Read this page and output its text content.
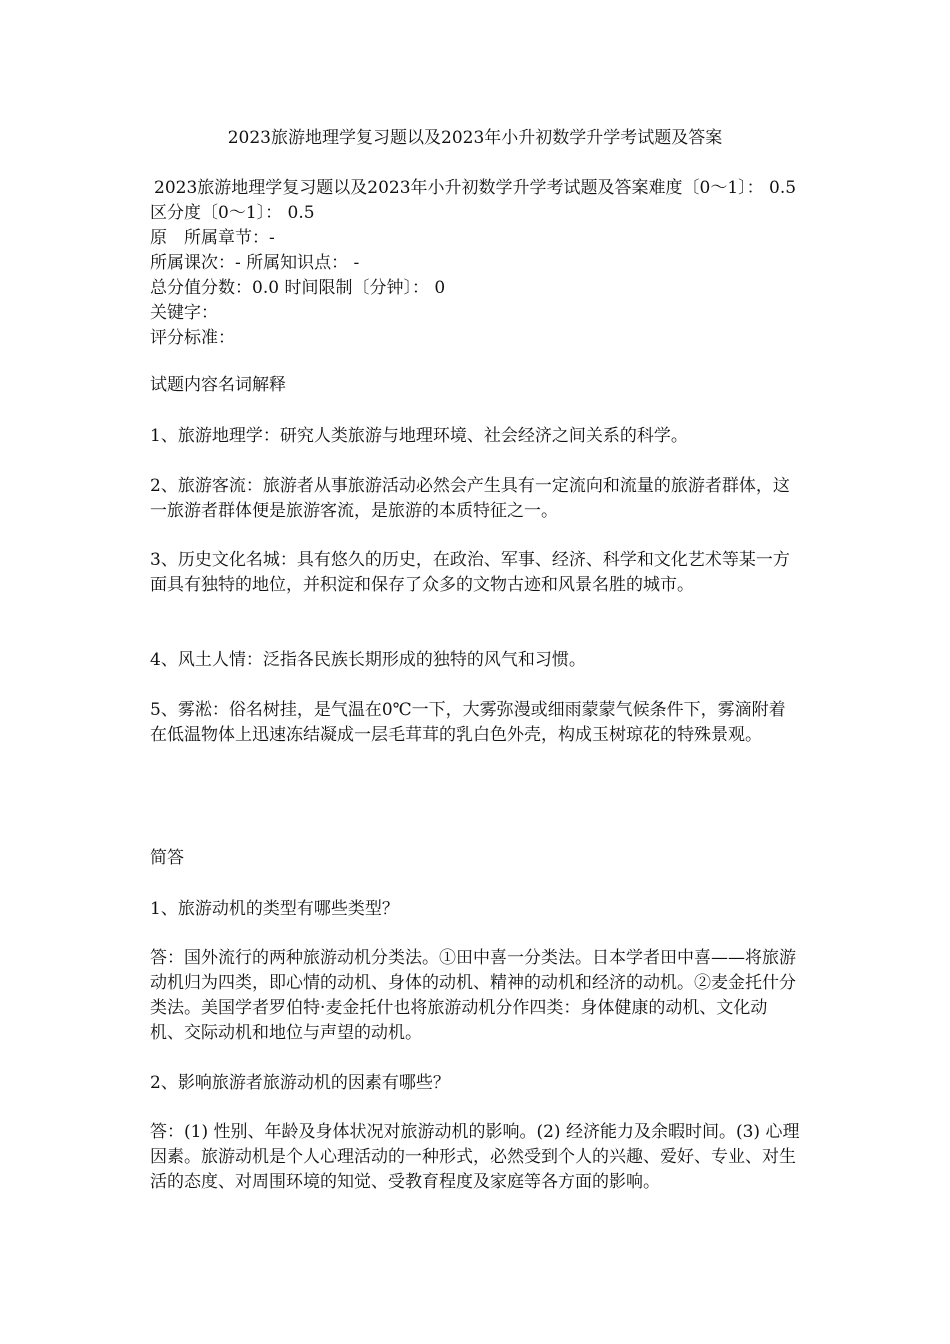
2023旅游地理学复习题以及2023年小升初数学升学考试题及答案
2023旅游地理学复习题以及2023年小升初数学升学考试题及答案难度〔0～1〕： 0.5 区分度〔0～1〕： 0.5
原　所属章节：-
所属课次：- 所属知识点： -
总分值分数：0.0 时间限制〔分钟〕： 0
关键字：
评分标准：
试题内容名词解释

1、旅游地理学：研究人类旅游与地理环境、社会经济之间关系的科学。

2、旅游客流：旅游者从事旅游活动必然会产生具有一定流向和流量的旅游者群体，这一旅游者群体便是旅游客流，是旅游的本质特征之一。

3、历史文化名城：具有悠久的历史，在政治、军事、经济、科学和文化艺术等某一方面具有独特的地位，并积淀和保存了众多的文物古迹和风景名胜的城市。

4、风土人情：泛指各民族长期形成的独特的风气和习惯。

5、雾淞：俗名树挂，是气温在0℃一下，大雾弥漫或细雨蒙蒙气候条件下，雾滴附着在低温物体上迅速冻结凝成一层毛茸茸的乳白色外壳，构成玉树琼花的特殊景观。

简答
1、旅游动机的类型有哪些类型？

答：国外流行的两种旅游动机分类法。①田中喜一分类法。日本学者田中喜——将旅游动机归为四类，即心情的动机、身体的动机、精神的动机和经济的动机。②麦金托什分类法。美国学者罗伯特·麦金托什也将旅游动机分作四类：身体健康的动机、文化动机、交际动机和地位与声望的动机。

2、影响旅游者旅游动机的因素有哪些？

答：(1) 性别、年龄及身体状况对旅游动机的影响。(2) 经济能力及余暇时间。(3) 心理因素。旅游动机是个人心理活动的一种形式，必然受到个人的兴趣、爱好、专业、对生活的态度、对周围环境的知觉、受教育程度及家庭等各方面的影响。
